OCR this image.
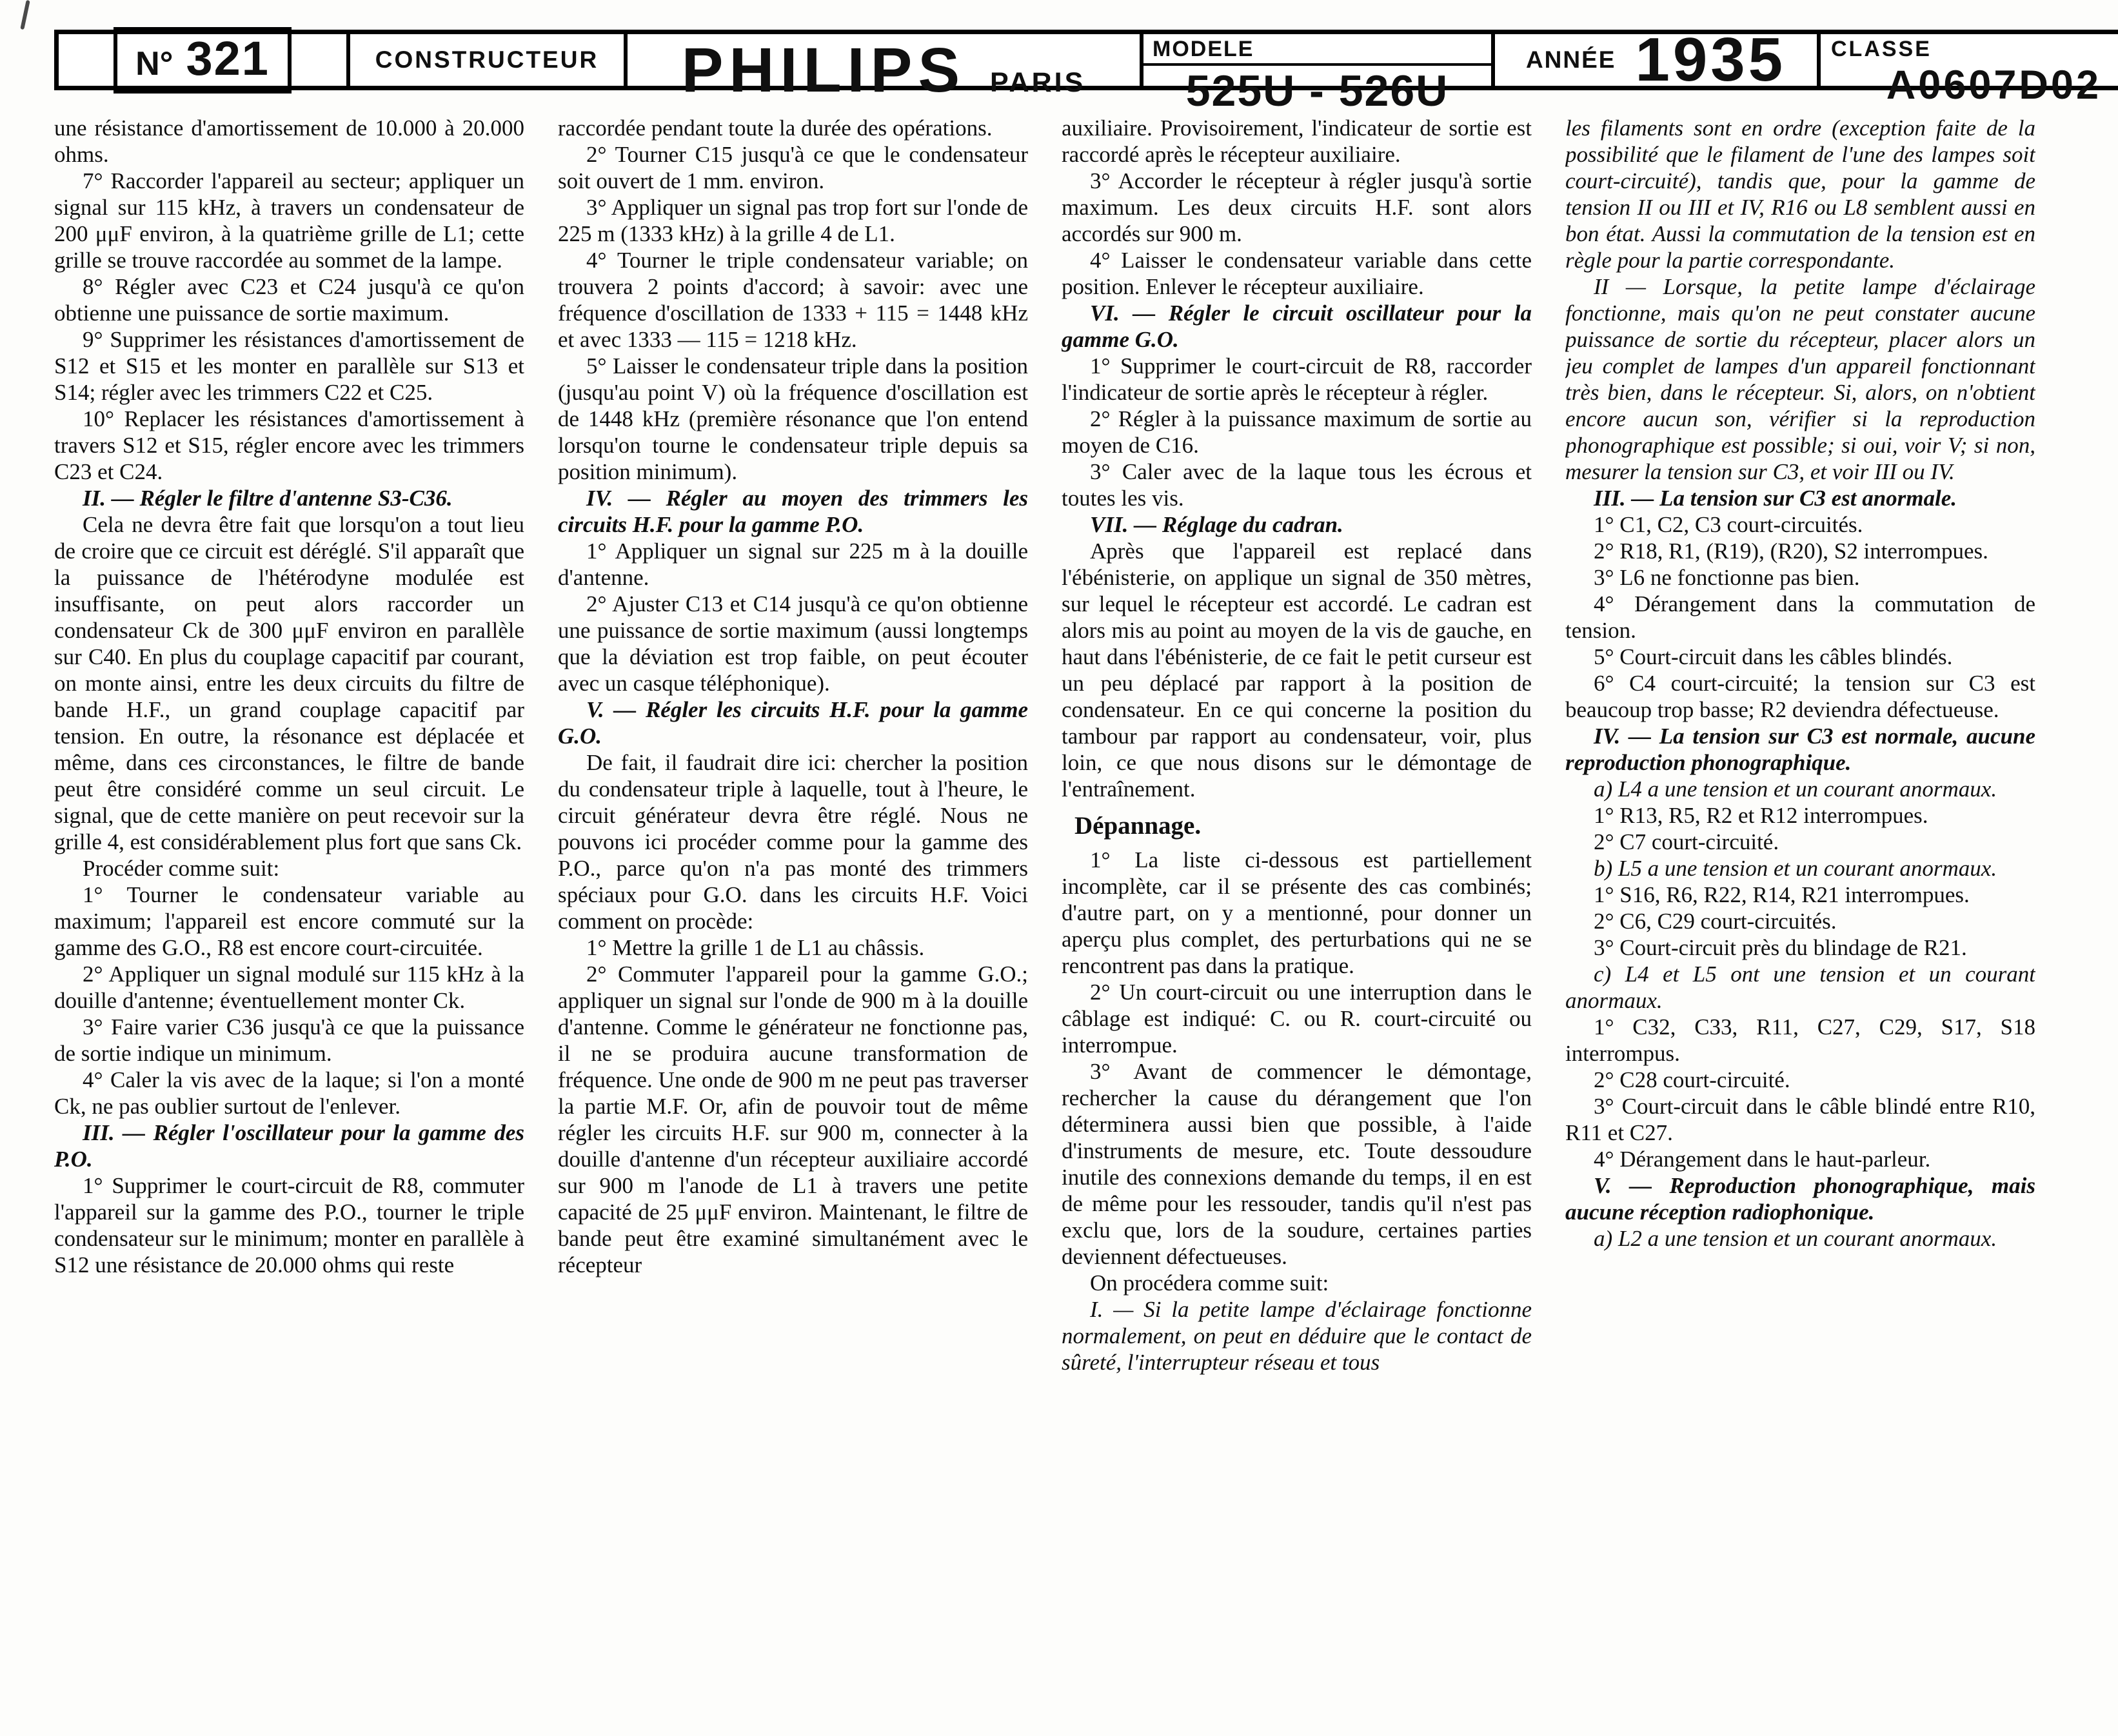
N° 321	CONSTRUCTEUR PHILIPS PARIS
MODELE
525U - 526U
ANNÉE 1935 CLASSE
A0607D02

une résistance d'amortissement de 10.000 à 20.000 ohms.

7° Raccorder l'appareil au secteur; appliquer un signal sur 115 kHz, à travers un condensateur de 200 μμF environ, à la quatrième grille de L1; cette grille se trouve raccordée au sommet de la lampe.

8° Régler avec C23 et C24 jusqu'à ce qu'on obtienne une puissance de sortie maximum.

9° Supprimer les résistances d'amortissement de S12 et S15 et les monter en parallèle sur S13 et S14; régler avec les trimmers C22 et C25.

10° Replacer les résistances d'amortissement à travers S12 et S15, régler encore avec les trimmers C23 et C24.

II. — Régler le filtre d'antenne S3-C36.

Cela ne devra être fait que lorsqu'on a tout lieu de croire que ce circuit est déréglé. S'il apparaît que la puissance de l'hétérodyne modulée est insuffisante, on peut alors raccorder un condensateur Ck de 300 μμF environ en parallèle sur C40. En plus du couplage capacitif par courant, on monte ainsi, entre les deux circuits du filtre de bande H.F., un grand couplage capacitif par tension. En outre, la résonance est déplacée et même, dans ces circonstances, le filtre de bande peut être considéré comme un seul circuit. Le signal, que de cette manière on peut recevoir sur la grille 4, est considérablement plus fort que sans Ck.

Procéder comme suit:

1° Tourner le condensateur variable au maximum; l'appareil est encore commuté sur la gamme des G.O., R8 est encore court-circuitée.

2° Appliquer un signal modulé sur 115 kHz à la douille d'antenne; éventuellement monter Ck.

3° Faire varier C36 jusqu'à ce que la puissance de sortie indique un minimum.

4° Caler la vis avec de la laque; si l'on a monté Ck, ne pas oublier surtout de l'enlever.

III. — Régler l'oscillateur pour la gamme des P.O.

1° Supprimer le court-circuit de R8, commuter l'appareil sur la gamme des P.O., tourner le triple condensateur sur le minimum; monter en parallèle à S12 une résistance de 20.000 ohms qui reste

raccordée pendant toute la durée des opérations.

2° Tourner C15 jusqu'à ce que le condensateur soit ouvert de 1 mm. environ.

3° Appliquer un signal pas trop fort sur l'onde de 225 m (1333 kHz) à la grille 4 de L1.

4° Tourner le triple condensateur variable; on trouvera 2 points d'accord; à savoir: avec une fréquence d'oscillation de 1333 + 115 = 1448 kHz et avec 1333 — 115 = 1218 kHz.

5° Laisser le condensateur triple dans la position (jusqu'au point V) où la fréquence d'oscillation est de 1448 kHz (première résonance que l'on entend lorsqu'on tourne le condensateur triple depuis sa position minimum).

IV. — Régler au moyen des trimmers les circuits H.F. pour la gamme P.O.

1° Appliquer un signal sur 225 m à la douille d'antenne.

2° Ajuster C13 et C14 jusqu'à ce qu'on obtienne une puissance de sortie maximum (aussi longtemps que la déviation est trop faible, on peut écouter avec un casque téléphonique).

V. — Régler les circuits H.F. pour la gamme G.O.

De fait, il faudrait dire ici: chercher la position du condensateur triple à laquelle, tout à l'heure, le circuit générateur devra être réglé. Nous ne pouvons ici procéder comme pour la gamme des P.O., parce qu'on n'a pas monté des trimmers spéciaux pour G.O. dans les circuits H.F. Voici comment on procède:

1° Mettre la grille 1 de L1 au châssis.

2° Commuter l'appareil pour la gamme G.O.; appliquer un signal sur l'onde de 900 m à la douille d'antenne. Comme le générateur ne fonctionne pas, il ne se produira aucune transformation de fréquence. Une onde de 900 m ne peut pas traverser la partie M.F. Or, afin de pouvoir tout de même régler les circuits H.F. sur 900 m, connecter à la douille d'antenne d'un récepteur auxiliaire accordé sur 900 m l'anode de L1 à travers une petite capacité de 25 μμF environ. Maintenant, le filtre de bande peut être examiné simultanément avec le récepteur

auxiliaire. Provisoirement, l'indicateur de sortie est raccordé après le récepteur auxiliaire.

3° Accorder le récepteur à régler jusqu'à sortie maximum. Les deux circuits H.F. sont alors accordés sur 900 m.

4° Laisser le condensateur variable dans cette position. Enlever le récepteur auxiliaire.

VI. — Régler le circuit oscillateur pour la gamme G.O.

1° Supprimer le court-circuit de R8, raccorder l'indicateur de sortie après le récepteur à régler.

2° Régler à la puissance maximum de sortie au moyen de C16.

3° Caler avec de la laque tous les écrous et toutes les vis.

VII. — Réglage du cadran.

Après que l'appareil est replacé dans l'ébénisterie, on applique un signal de 350 mètres, sur lequel le récepteur est accordé. Le cadran est alors mis au point au moyen de la vis de gauche, en haut dans l'ébénisterie, de ce fait le petit curseur est un peu déplacé par rapport à la position de condensateur. En ce qui concerne la position du tambour par rapport au condensateur, voir, plus loin, ce que nous disons sur le démontage de l'entraînement.

Dépannage.

1° La liste ci-dessous est partiellement incomplète, car il se présente des cas combinés; d'autre part, on y a mentionné, pour donner un aperçu plus complet, des perturbations qui ne se rencontrent pas dans la pratique.

2° Un court-circuit ou une interruption dans le câblage est indiqué: C. ou R. court-circuité ou interrompue.

3° Avant de commencer le démontage, rechercher la cause du dérangement que l'on déterminera aussi bien que possible, à l'aide d'instruments de mesure, etc. Toute dessoudure inutile des connexions demande du temps, il en est de même pour les ressouder, tandis qu'il n'est pas exclu que, lors de la soudure, certaines parties deviennent défectueuses.

On procédera comme suit:

I. — Si la petite lampe d'éclairage fonctionne normalement, on peut en déduire que le contact de sûreté, l'interrupteur réseau et tous

les filaments sont en ordre (exception faite de la possibilité que le filament de l'une des lampes soit court-circuité), tandis que, pour la gamme de tension II ou III et IV, R16 ou L8 semblent aussi en bon état. Aussi la commutation de la tension est en règle pour la partie correspondante.

II — Lorsque, la petite lampe d'éclairage fonctionne, mais qu'on ne peut constater aucune puissance de sortie du récepteur, placer alors un jeu complet de lampes d'un appareil fonctionnant très bien, dans le récepteur. Si, alors, on n'obtient encore aucun son, vérifier si la reproduction phonographique est possible; si oui, voir V; si non, mesurer la tension sur C3, et voir III ou IV.

III. — La tension sur C3 est anormale.

1° C1, C2, C3 court-circuités.

2° R18, R1, (R19), (R20), S2 interrompues.

3° L6 ne fonctionne pas bien.

4° Dérangement dans la commutation de tension.

5° Court-circuit dans les câbles blindés.

6° C4 court-circuité; la tension sur C3 est beaucoup trop basse; R2 deviendra défectueuse.

IV. — La tension sur C3 est normale, aucune reproduction phonographique.

a) L4 a une tension et un courant anormaux.

1° R13, R5, R2 et R12 interrompues.

2° C7 court-circuité.

b) L5 a une tension et un courant anormaux.

1° S16, R6, R22, R14, R21 interrompues.

2° C6, C29 court-circuités.

3° Court-circuit près du blindage de R21.

c) L4 et L5 ont une tension et un courant anormaux.

1° C32, C33, R11, C27, C29, S17, S18 interrompus.

2° C28 court-circuité.

3° Court-circuit dans le câble blindé entre R10, R11 et C27.

4° Dérangement dans le haut-parleur.

V. — Reproduction phonographique, mais aucune réception radiophonique.

a) L2 a une tension et un courant anormaux.
